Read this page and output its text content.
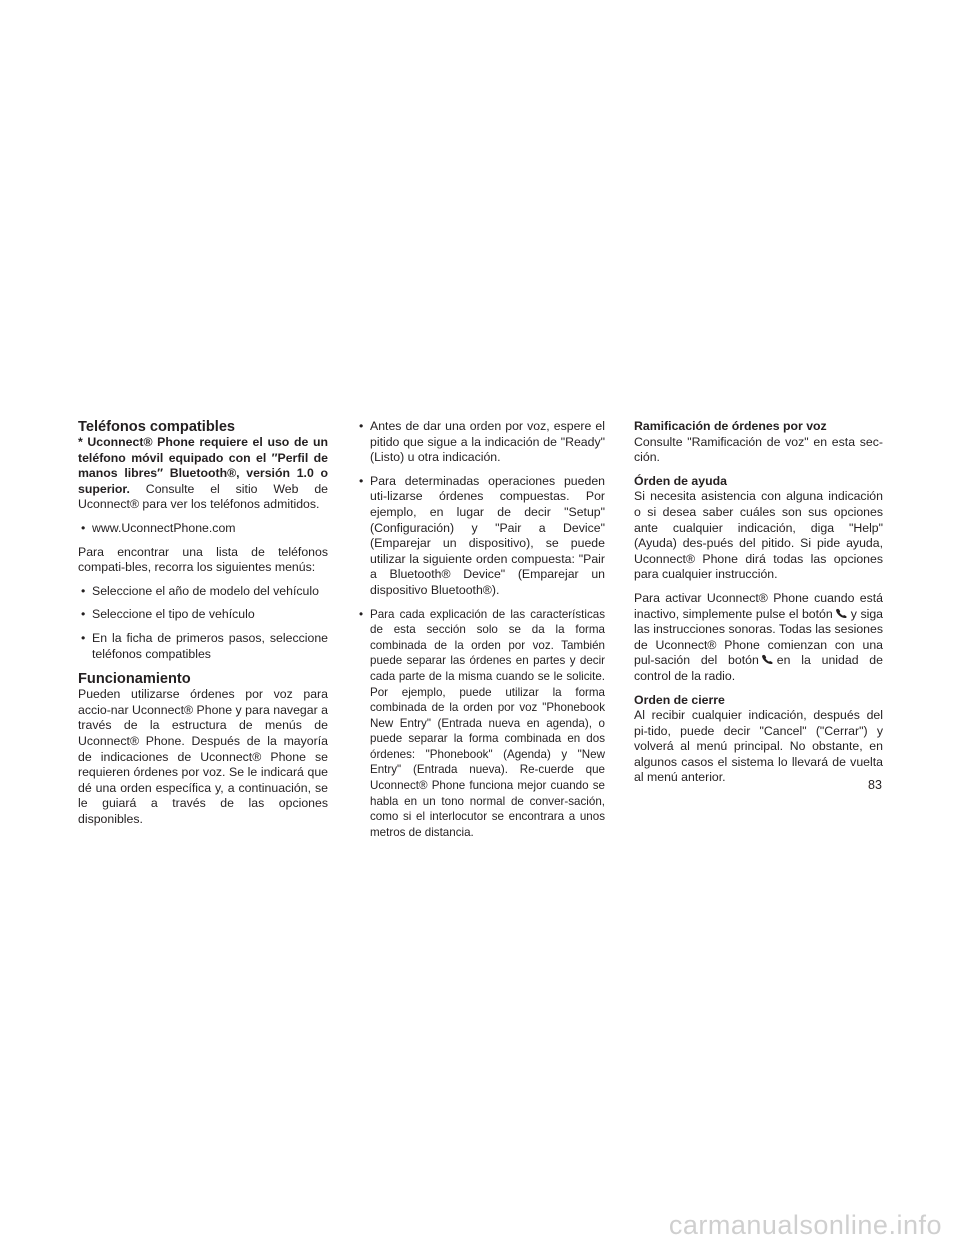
Teléfonos compatibles

* Uconnect® Phone requiere el uso de un teléfono móvil equipado con el ″Perfil de manos libres″ Bluetooth®, versión 1.0 o superior. Consulte el sitio Web de Uconnect® para ver los teléfonos admitidos.

• www.UconnectPhone.com

Para encontrar una lista de teléfonos compati-bles, recorra los siguientes menús:

• Seleccione el año de modelo del vehículo
• Seleccione el tipo de vehículo
• En la ficha de primeros pasos, seleccione teléfonos compatibles
Funcionamiento

Pueden utilizarse órdenes por voz para accio-nar Uconnect® Phone y para navegar a través de la estructura de menús de Uconnect® Phone. Después de la mayoría de indicaciones de Uconnect® Phone se requieren órdenes por voz. Se le indicará que dé una orden específica y, a continuación, se le guiará a través de las opciones disponibles.

• Antes de dar una orden por voz, espere el pitido que sigue a la indicación de "Ready" (Listo) u otra indicación.
• Para determinadas operaciones pueden uti-lizarse órdenes compuestas. Por ejemplo, en lugar de decir "Setup" (Configuración) y "Pair a Device" (Emparejar un dispositivo), se puede utilizar la siguiente orden compuesta: "Pair a Bluetooth® Device" (Emparejar un dispositivo Bluetooth®).
• Para cada explicación de las características de esta sección solo se da la forma combinada de la orden por voz. También puede separar las órdenes en partes y decir cada parte de la misma cuando se le solicite. Por ejemplo, puede utilizar la forma combinada de la orden por voz "Phonebook New Entry" (Entrada nueva en agenda), o puede separar la forma combinada en dos órdenes: "Phonebook" (Agenda) y "New Entry" (Entrada nueva). Re-cuerde que Uconnect® Phone funciona mejor cuando se habla en un tono normal de conver-sación, como si el interlocutor se encontrara a unos metros de distancia.
Ramificación de órdenes por voz

Consulte "Ramificación de voz" en esta sec-ción.

Órden de ayuda

Si necesita asistencia con alguna indicación o si desea saber cuáles son sus opciones ante cualquier indicación, diga "Help" (Ayuda) des-pués del pitido. Si pide ayuda, Uconnect® Phone dirá todas las opciones para cualquier instrucción.

Para activar Uconnect® Phone cuando está inactivo, simplemente pulse el botón y siga las instrucciones sonoras. Todas las sesiones de Uconnect® Phone comienzan con una pul-sación del botón en la unidad de control de la radio.

Orden de cierre

Al recibir cualquier indicación, después del pi-tido, puede decir "Cancel" ("Cerrar") y volverá al menú principal. No obstante, en algunos casos el sistema lo llevará de vuelta al menú anterior.

83
carmanualsonline.info
